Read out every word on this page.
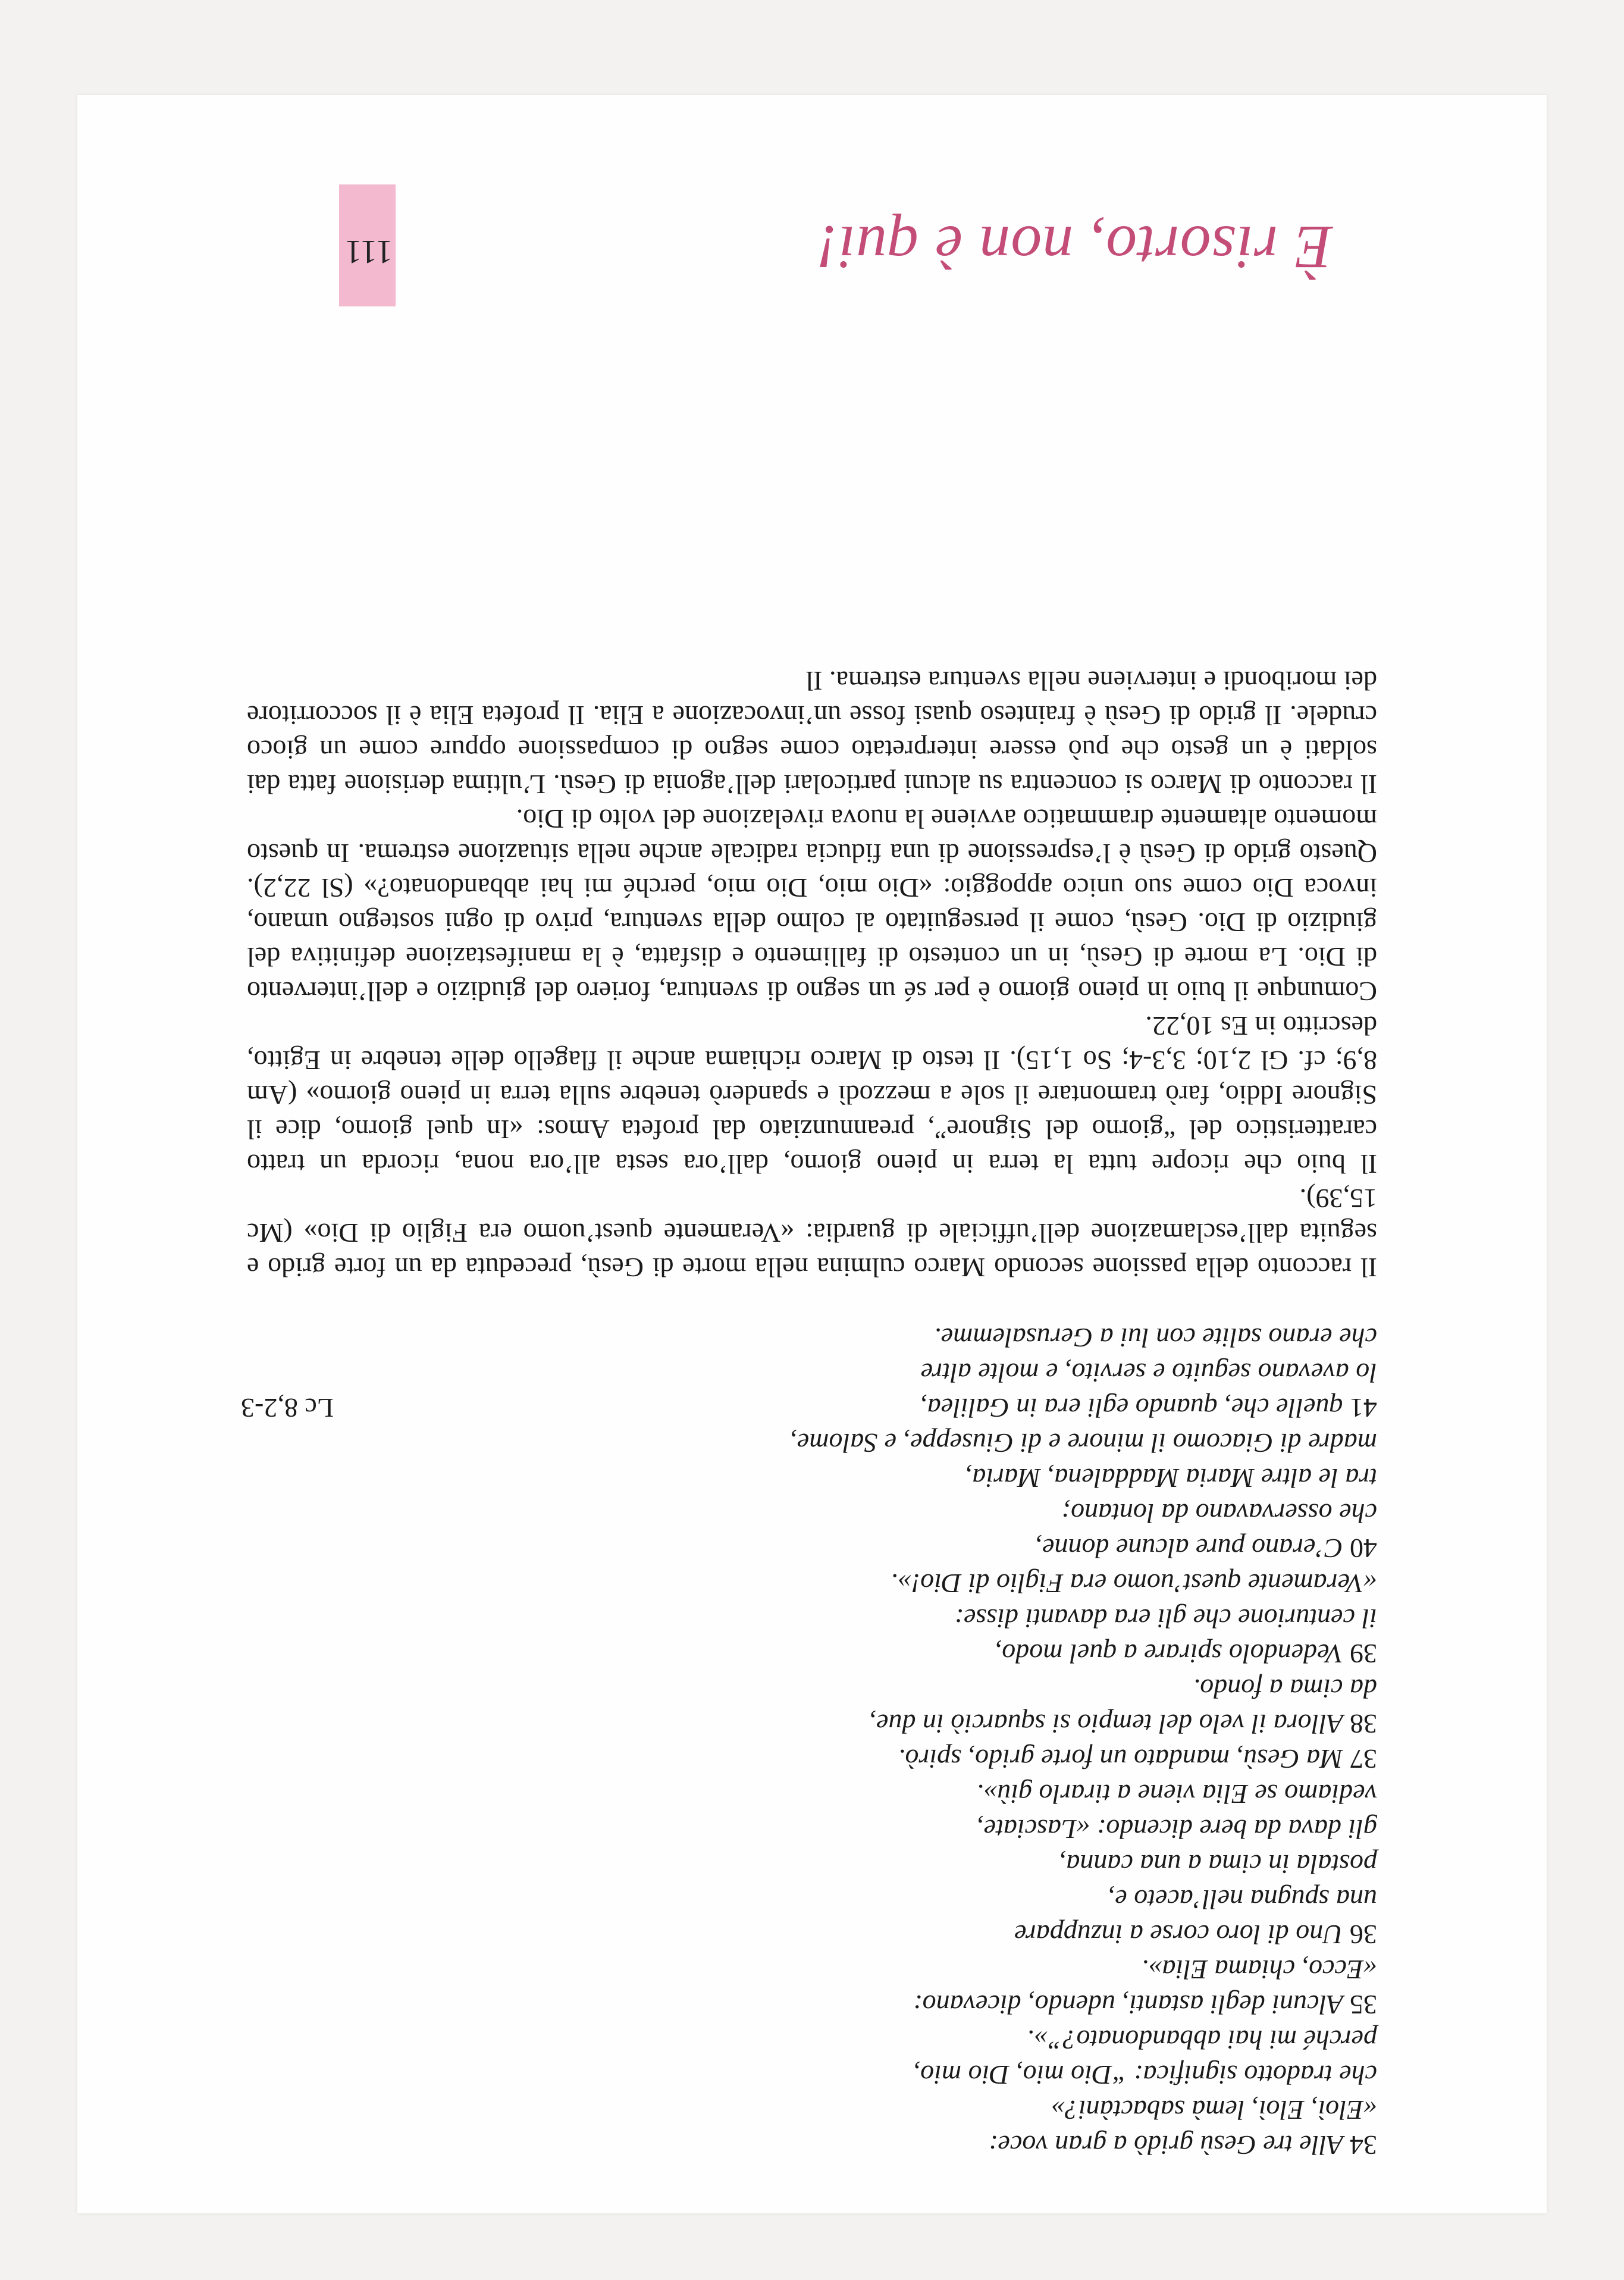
34 Alle tre Gesù gridò a gran voce:

«Eloì, Eloì, lemà sabactàni?»

che tradotto significa: “Dio mio, Dio mio,

perché mi hai abbandonato?”».

35 Alcuni degli astanti, udendo, dicevano:

«Ecco, chiama Elia».

36 Uno di loro corse a inzuppare

una spugna nell’aceto e,

postala in cima a una canna,

gli dava da bere dicendo: «Lasciate,

vediamo se Elia viene a tirarlo giù».

37 Ma Gesù, mandato un forte grido, spirò.

38 Allora il velo del tempio si squarciò in due,

da cima a fondo.

39 Vedendolo spirare a quel modo,

il centurione che gli era davanti disse:

«Veramente quest’uomo era Figlio di Dio!».

40 C’erano pure alcune donne,

che osservavano da lontano;

tra le altre Maria Maddalena, Maria,

madre di Giacomo il minore e di Giuseppe, e Salome,

41 quelle che, quando egli era in Galilea,
Lc 8,2-3

lo avevano seguito e servito, e molte altre

che erano salite con lui a Gerusalemme.

Il racconto della passione secondo Marco culmina nella morte di Gesù, preceduta da un forte grido e seguita dall’esclamazione dell’ufficiale di guardia: «Veramente quest’uomo era Figlio di Dio» (Mc 15,39).

Il buio che ricopre tutta la terra in pieno giorno, dall’ora sesta all’ora nona, ricorda un tratto caratteristico del “giorno del Signore”, preannunziato dal profeta Amos: «In quel giorno, dice il Signore Iddio, farò tramontare il sole a mezzodì e spanderò tenebre sulla terra in pieno giorno» (Am 8,9; cf. Gl 2,10; 3,3-4; So 1,15). Il testo di Marco richiama anche il flagello delle tenebre in Egitto, descritto in Es 10,22.

Comunque il buio in pieno giorno è per sé un segno di sventura, foriero del giudizio e dell’intervento di Dio. La morte di Gesù, in un contesto di fallimento e disfatta, è la manifestazione definitiva del giudizio di Dio. Gesù, come il perseguitato al colmo della sventura, privo di ogni sostegno umano, invoca Dio come suo unico appoggio: «Dio mio, Dio mio, perché mi hai abbandonato?» (Sl 22,2). Questo grido di Gesù è l’espressione di una fiducia radicale anche nella situazione estrema. In questo momento altamente drammatico avviene la nuova rivelazione del volto di Dio.

Il racconto di Marco si concentra su alcuni particolari dell’agonia di Gesù. L’ultima derisione fatta dai soldati è un gesto che può essere interpretato come segno di compassione oppure come un gioco crudele. Il grido di Gesù è frainteso quasi fosse un’invocazione a Elia. Il profeta Elia è il soccorritore dei moribondi e interviene nella sventura estrema. Il

È risorto, non è qui!
111
